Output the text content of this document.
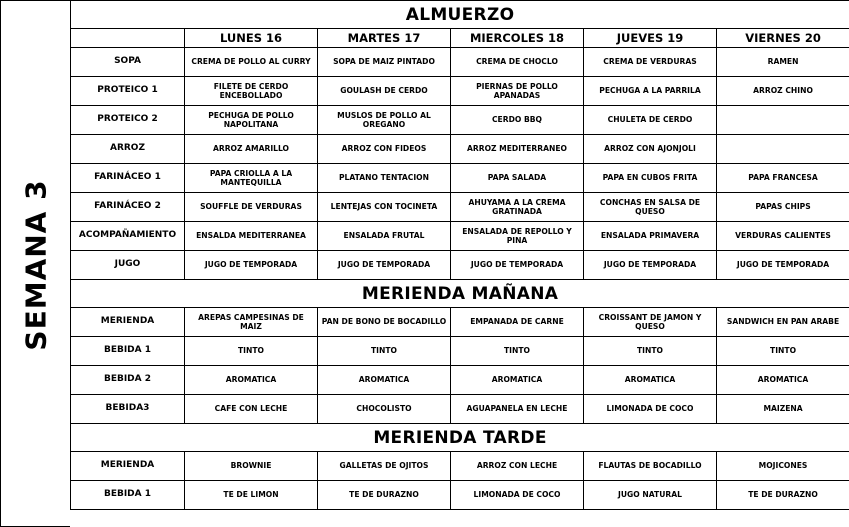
SEMANA 3
ALMUERZO					
	LUNES 16	MARTES 17	MIERCOLES 18	JUEVES 19	VIERNES 20
SOPA	CREMA DE POLLO AL CURRY	SOPA DE MAIZ PINTADO	CREMA DE CHOCLO	CREMA DE VERDURAS	RAMEN
PROTEICO 1	FILETE DE CERDO ENCEBOLLADO	GOULASH DE CERDO	PIERNAS DE POLLO APANADAS	PECHUGA A LA PARRILA	ARROZ CHINO
PROTEICO 2	PECHUGA DE POLLO NAPOLITANA	MUSLOS DE POLLO AL OREGANO	CERDO BBQ	CHULETA DE CERDO	
ARROZ	ARROZ AMARILLO	ARROZ CON FIDEOS	ARROZ MEDITERRANEO	ARROZ CON AJONJOLI	
FARINÁCEO 1	PAPA CRIOLLA A LA MANTEQUILLA	PLATANO TENTACION	PAPA SALADA	PAPA EN CUBOS FRITA	PAPA FRANCESA
FARINÁCEO 2	SOUFFLE DE VERDURAS	LENTEJAS CON TOCINETA	AHUYAMA A LA CREMA GRATINADA	CONCHAS EN SALSA DE QUESO	PAPAS CHIPS
ACOMPAÑAMIENTO	ENSALDA MEDITERRANEA	ENSALADA FRUTAL	ENSALADA DE REPOLLO Y PINA	ENSALADA PRIMAVERA	VERDURAS CALIENTES
JUGO	JUGO DE TEMPORADA	JUGO DE TEMPORADA	JUGO DE TEMPORADA	JUGO DE TEMPORADA	JUGO DE TEMPORADA
MERIENDA MAÑANA					
MERIENDA	AREPAS CAMPESINAS DE MAIZ	PAN DE BONO DE BOCADILLO	EMPANADA DE CARNE	CROISSANT DE JAMON Y QUESO	SANDWICH EN PAN ARABE
BEBIDA 1	TINTO	TINTO	TINTO	TINTO	TINTO
BEBIDA 2	AROMATICA	AROMATICA	AROMATICA	AROMATICA	AROMATICA
BEBIDA3	CAFE CON LECHE	CHOCOLISTO	AGUAPANELA EN LECHE	LIMONADA DE COCO	MAIZENA
MERIENDA TARDE					
MERIENDA	BROWNIE	GALLETAS DE OJITOS	ARROZ CON LECHE	FLAUTAS DE BOCADILLO	MOJICONES
BEBIDA 1	TE DE LIMON	TE DE DURAZNO	LIMONADA DE COCO	JUGO NATURAL	TE DE DURAZNO
